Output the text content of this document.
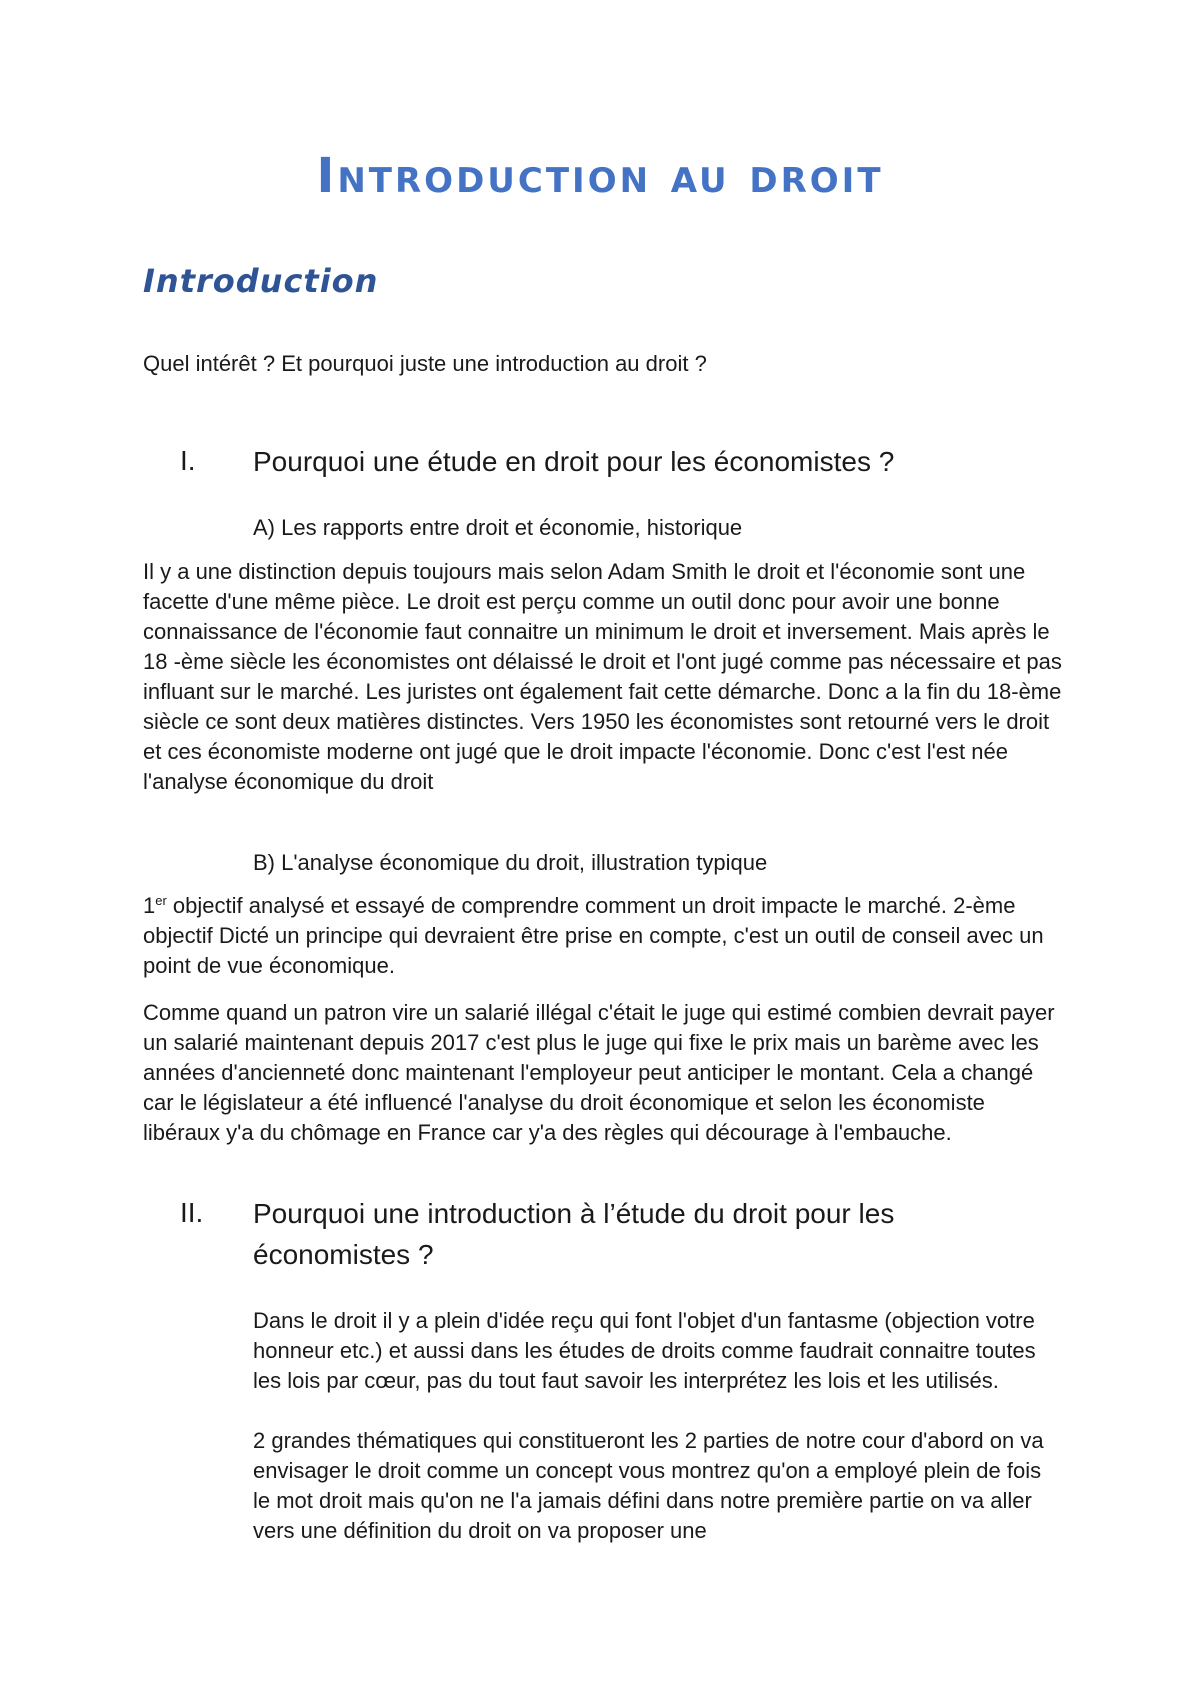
Introduction au droit
Introduction

Quel intérêt ? Et pourquoi juste une introduction au droit ?

I. Pourquoi une étude en droit pour les économistes ?
A) Les rapports entre droit et économie, historique

Il y a une distinction depuis toujours mais selon Adam Smith le droit et l'économie sont une facette d'une même pièce. Le droit est perçu comme un outil donc pour avoir une bonne connaissance de l'économie faut connaitre un minimum le droit et inversement. Mais après le 18 -ème siècle les économistes ont délaissé le droit et l'ont jugé comme pas nécessaire et pas influant sur le marché. Les juristes ont également fait cette démarche. Donc a la fin du 18-ème siècle ce sont deux matières distinctes. Vers 1950 les économistes sont retourné vers le droit et ces économiste moderne ont jugé que le droit impacte l'économie. Donc c'est l'est née l'analyse économique du droit

B) L'analyse économique du droit, illustration typique

1er objectif analysé et essayé de comprendre comment un droit impacte le marché. 2-ème objectif Dicté un principe qui devraient être prise en compte, c'est un outil de conseil avec un point de vue économique.

Comme quand un patron vire un salarié illégal c'était le juge qui estimé combien devrait payer un salarié maintenant depuis 2017 c'est plus le juge qui fixe le prix mais un barème avec les années d'ancienneté donc maintenant l'employeur peut anticiper le montant. Cela a changé car le législateur a été influencé l'analyse du droit économique et selon les économiste libéraux y'a du chômage en France car y'a des règles qui décourage à l'embauche.

II. Pourquoi une introduction à l’étude du droit pour les économistes ?

Dans le droit il y a plein d'idée reçu qui font l'objet d'un fantasme (objection votre honneur etc.) et aussi dans les études de droits comme faudrait connaitre toutes les lois par cœur, pas du tout faut savoir les interprétez les lois et les utilisés.

2 grandes thématiques qui constitueront les 2 parties de notre cour d'abord on va envisager le droit comme un concept vous montrez qu'on a employé plein de fois le mot droit mais qu'on ne l'a jamais défini dans notre première partie on va aller vers une définition du droit on va proposer une
